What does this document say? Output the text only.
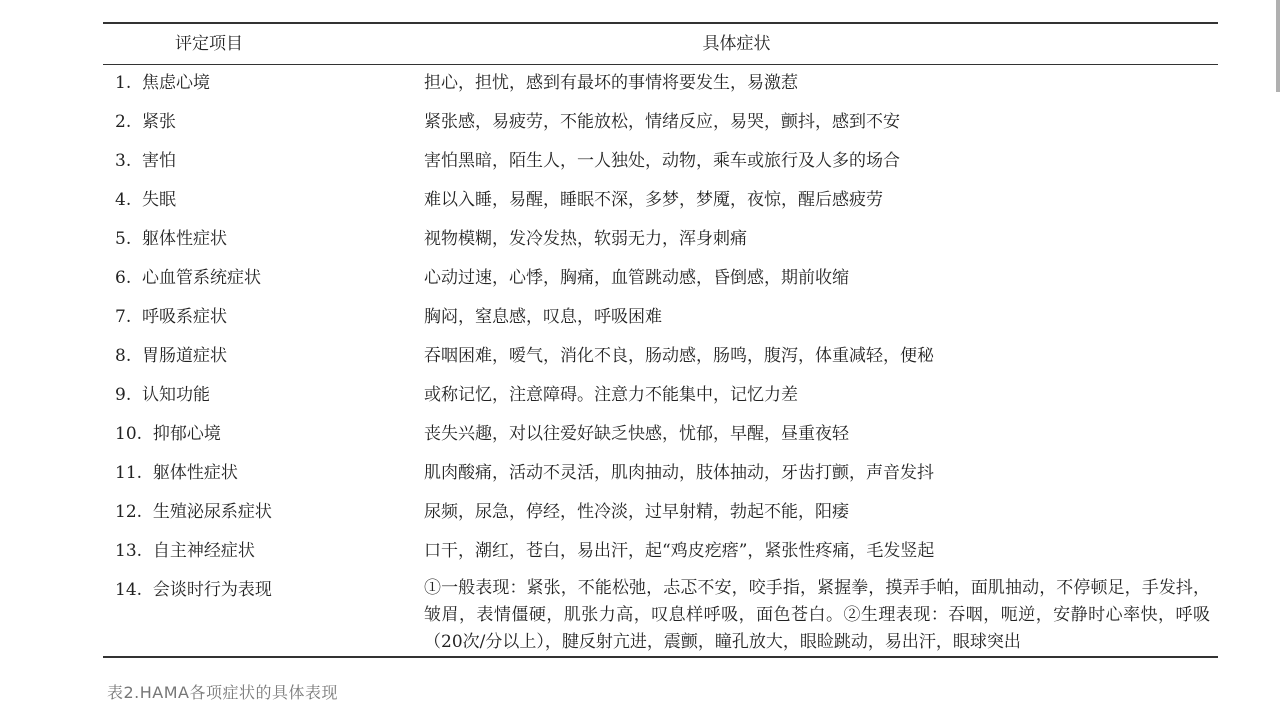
评定项目	具体症状
1. 焦虑心境	担心，担忧，感到有最坏的事情将要发生，易激惹
2. 紧张	紧张感，易疲劳，不能放松，情绪反应，易哭，颤抖，感到不安
3. 害怕	害怕黑暗，陌生人，一人独处，动物，乘车或旅行及人多的场合
4. 失眠	难以入睡，易醒，睡眠不深，多梦，梦魇，夜惊，醒后感疲劳
5. 躯体性症状	视物模糊，发冷发热，软弱无力，浑身刺痛
6. 心血管系统症状	心动过速，心悸，胸痛，血管跳动感，昏倒感，期前收缩
7. 呼吸系症状	胸闷，窒息感，叹息，呼吸困难
8. 胃肠道症状	吞咽困难，嗳气，消化不良，肠动感，肠鸣，腹泻，体重减轻，便秘
9. 认知功能	或称记忆，注意障碍。注意力不能集中，记忆力差
10. 抑郁心境	丧失兴趣，对以往爱好缺乏快感，忧郁，早醒，昼重夜轻
11. 躯体性症状	肌肉酸痛，活动不灵活，肌肉抽动，肢体抽动，牙齿打颤，声音发抖
12. 生殖泌尿系症状	尿频，尿急，停经，性冷淡，过早射精，勃起不能，阳痿
13. 自主神经症状	口干，潮红，苍白，易出汗，起“鸡皮疙瘩”，紧张性疼痛，毛发竖起
14. 会谈时行为表现	①一般表现：紧张，不能松弛，忐忑不安，咬手指，紧握拳，摸弄手帕，面肌抽动，不停顿足，手发抖，皱眉，表情僵硬，肌张力高，叹息样呼吸，面色苍白。②生理表现：吞咽，呃逆，安静时心率快，呼吸（20次/分以上），腱反射亢进，震颤，瞳孔放大，眼睑跳动，易出汗，眼球突出
表2.HAMA各项症状的具体表现
